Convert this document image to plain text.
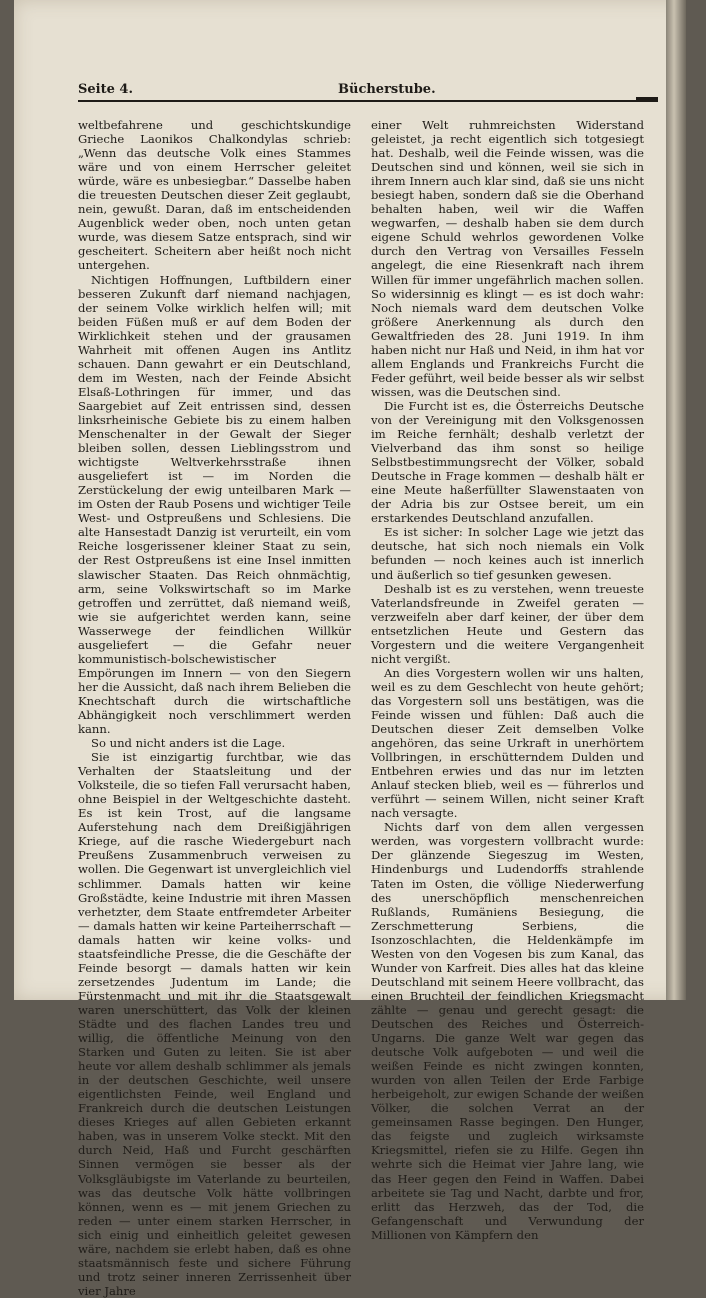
Seite 4.	Bücherstube.

weltbefahrene und geschichtskundige Grieche Laonikos Chalkondylas schrieb: „Wenn das deutsche Volk eines Stammes wäre und von einem Herrscher geleitet würde, wäre es unbesiegbar.“ Dasselbe haben die treuesten Deutschen dieser Zeit geglaubt, nein, gewußt. Daran, daß im entscheidenden Augenblick weder oben, noch unten getan wurde, was diesem Satze entsprach, sind wir gescheitert. Scheitern aber heißt noch nicht untergehen.

Nichtigen Hoffnungen, Luftbildern einer besseren Zukunft darf niemand nachjagen, der seinem Volke wirklich helfen will; mit beiden Füßen muß er auf dem Boden der Wirklichkeit stehen und der grausamen Wahrheit mit offenen Augen ins Antlitz schauen. Dann gewahrt er ein Deutschland, dem im Westen, nach der Feinde Absicht Elsaß-Lothringen für immer, und das Saargebiet auf Zeit entrissen sind, dessen linksrheinische Gebiete bis zu einem halben Menschenalter in der Gewalt der Sieger bleiben sollen, dessen Lieblingsstrom und wichtigste Weltverkehrsstraße ihnen ausgeliefert ist — im Norden die Zerstückelung der ewig unteilbaren Mark — im Osten der Raub Posens und wichtiger Teile West- und Ostpreußens und Schlesiens. Die alte Hansestadt Danzig ist verurteilt, ein vom Reiche losgerissener kleiner Staat zu sein, der Rest Ostpreußens ist eine Insel inmitten slawischer Staaten. Das Reich ohnmächtig, arm, seine Volkswirtschaft so im Marke getroffen und zerrüttet, daß niemand weiß, wie sie aufgerichtet werden kann, seine Wasserwege der feindlichen Willkür ausgeliefert — die Gefahr neuer kommunistisch-bolschewistischer Empörungen im Innern — von den Siegern her die Aussicht, daß nach ihrem Belieben die Knechtschaft durch die wirtschaftliche Abhängigkeit noch verschlimmert werden kann.

So und nicht anders ist die Lage.

Sie ist einzigartig furchtbar, wie das Verhalten der Staatsleitung und der Volksteile, die so tiefen Fall verursacht haben, ohne Beispiel in der Weltgeschichte dasteht. Es ist kein Trost, auf die langsame Auferstehung nach dem Dreißigjährigen Kriege, auf die rasche Wiedergeburt nach Preußens Zusammenbruch verweisen zu wollen. Die Gegenwart ist unvergleichlich viel schlimmer. Damals hatten wir keine Großstädte, keine Industrie mit ihren Massen verhetzter, dem Staate entfremdeter Arbeiter — damals hatten wir keine Parteiherrschaft — damals hatten wir keine volks- und staatsfeindliche Presse, die die Geschäfte der Feinde besorgt — damals hatten wir kein zersetzendes Judentum im Lande; die Fürstenmacht und mit ihr die Staatsgewalt waren unerschüttert, das Volk der kleinen Städte und des flachen Landes treu und willig, die öffentliche Meinung von den Starken und Guten zu leiten. Sie ist aber heute vor allem deshalb schlimmer als jemals in der deutschen Geschichte, weil unsere eigentlichsten Feinde, weil England und Frankreich durch die deutschen Leistungen dieses Krieges auf allen Gebieten erkannt haben, was in unserem Volke steckt. Mit den durch Neid, Haß und Furcht geschärften Sinnen vermögen sie besser als der Volksgläubigste im Vaterlande zu beurteilen, was das deutsche Volk hätte vollbringen können, wenn es — mit jenem Griechen zu reden — unter einem starken Herrscher, in sich einig und einheitlich geleitet gewesen wäre, nachdem sie erlebt haben, daß es ohne staatsmännisch feste und sichere Führung und trotz seiner inneren Zerrissenheit über vier Jahre

einer Welt ruhmreichsten Widerstand geleistet, ja recht eigentlich sich totgesiegt hat. Deshalb, weil die Feinde wissen, was die Deutschen sind und können, weil sie sich in ihrem Innern auch klar sind, daß sie uns nicht besiegt haben, sondern daß sie die Oberhand behalten haben, weil wir die Waffen wegwarfen, — deshalb haben sie dem durch eigene Schuld wehrlos gewordenen Volke durch den Vertrag von Versailles Fesseln angelegt, die eine Riesenkraft nach ihrem Willen für immer ungefährlich machen sollen. So widersinnig es klingt — es ist doch wahr: Noch niemals ward dem deutschen Volke größere Anerkennung als durch den Gewaltfrieden des 28. Juni 1919. In ihm haben nicht nur Haß und Neid, in ihm hat vor allem Englands und Frankreichs Furcht die Feder geführt, weil beide besser als wir selbst wissen, was die Deutschen sind.

Die Furcht ist es, die Österreichs Deutsche von der Vereinigung mit den Volksgenossen im Reiche fernhält; deshalb verletzt der Vielverband das ihm sonst so heilige Selbstbestimmungsrecht der Völker, sobald Deutsche in Frage kommen — deshalb hält er eine Meute haßerfüllter Slawenstaaten von der Adria bis zur Ostsee bereit, um ein erstarkendes Deutschland anzufallen.

Es ist sicher: In solcher Lage wie jetzt das deutsche, hat sich noch niemals ein Volk befunden — noch keines auch ist innerlich und äußerlich so tief gesunken gewesen.

Deshalb ist es zu verstehen, wenn treueste Vaterlandsfreunde in Zweifel geraten — verzweifeln aber darf keiner, der über dem entsetzlichen Heute und Gestern das Vorgestern und die weitere Vergangenheit nicht vergißt.

An dies Vorgestern wollen wir uns halten, weil es zu dem Geschlecht von heute gehört; das Vorgestern soll uns bestätigen, was die Feinde wissen und fühlen: Daß auch die Deutschen dieser Zeit demselben Volke angehören, das seine Urkraft in unerhörtem Vollbringen, in erschütterndem Dulden und Entbehren erwies und das nur im letzten Anlauf stecken blieb, weil es — führerlos und verführt — seinem Willen, nicht seiner Kraft nach versagte.

Nichts darf von dem allen vergessen werden, was vorgestern vollbracht wurde: Der glänzende Siegeszug im Westen, Hindenburgs und Ludendorffs strahlende Taten im Osten, die völlige Niederwerfung des unerschöpflich menschenreichen Rußlands, Rumäniens Besiegung, die Zerschmetterung Serbiens, die Isonzoschlachten, die Heldenkämpfe im Westen von den Vogesen bis zum Kanal, das Wunder von Karfreit. Dies alles hat das kleine Deutschland mit seinem Heere vollbracht, das einen Bruchteil der feindlichen Kriegsmacht zählte — genau und gerecht gesagt: die Deutschen des Reiches und Österreich-Ungarns. Die ganze Welt war gegen das deutsche Volk aufgeboten — und weil die weißen Feinde es nicht zwingen konnten, wurden von allen Teilen der Erde Farbige herbeigeholt, zur ewigen Schande der weißen Völker, die solchen Verrat an der gemeinsamen Rasse begingen. Den Hunger, das feigste und zugleich wirksamste Kriegsmittel, riefen sie zu Hilfe. Gegen ihn wehrte sich die Heimat vier Jahre lang, wie das Heer gegen den Feind in Waffen. Dabei arbeitete sie Tag und Nacht, darbte und fror, erlitt das Herzweh, das der Tod, die Gefangenschaft und Verwundung der Millionen von Kämpfern den
